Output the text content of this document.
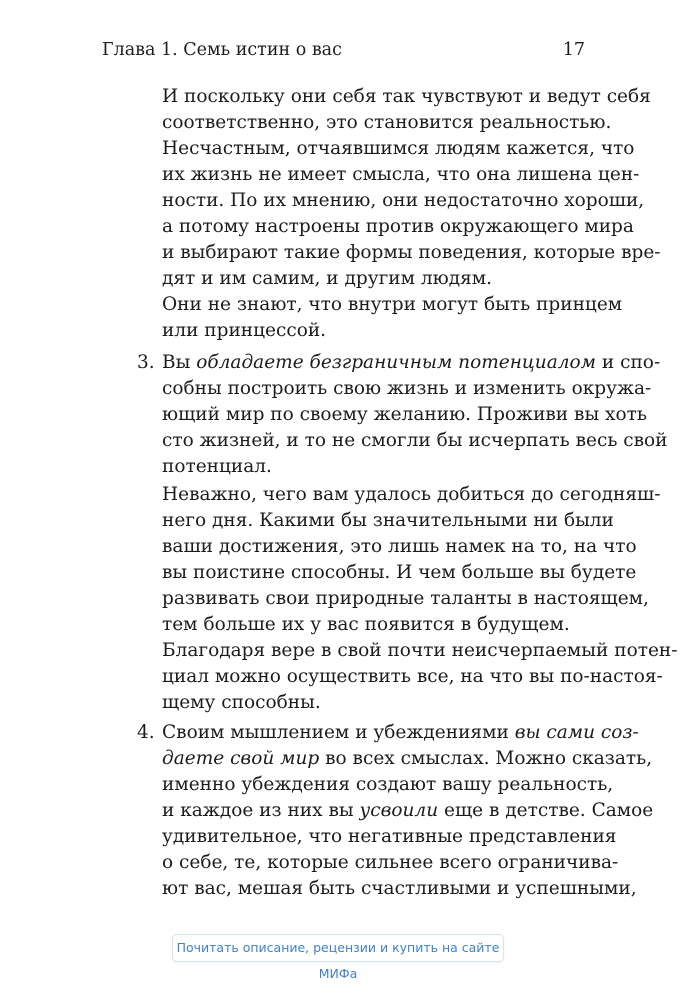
Глава 1. Семь истин о вас	17
И поскольку они себя так чувствуют и ведут себя
соответственно, это становится реальностью.
Несчастным, отчаявшимся людям кажется, что
их жизнь не имеет смысла, что она лишена цен-
ности. По их мнению, они недостаточно хороши,
а потому настроены против окружающего мира
и выбирают такие формы поведения, которые вре-
дят и им самим, и другим людям.
Они не знают, что внутри могут быть принцем
или принцессой.
3. Вы обладаете безграничным потенциалом и спо-
собны построить свою жизнь и изменить окружа-
ющий мир по своему желанию. Проживи вы хоть
сто жизней, и то не смогли бы исчерпать весь свой
потенциал.
Неважно, чего вам удалось добиться до сегодняш-
него дня. Какими бы значительными ни были
ваши достижения, это лишь намек на то, на что
вы поистине способны. И чем больше вы будете
развивать свои природные таланты в настоящем,
тем больше их у вас появится в будущем.
Благодаря вере в свой почти неисчерпаемый потен-
циал можно осуществить все, на что вы по-настоя-
щему способны.
4. Своим мышлением и убеждениями вы сами соз-
даете свой мир во всех смыслах. Можно сказать,
именно убеждения создают вашу реальность,
и каждое из них вы усвоили еще в детстве. Самое
удивительное, что негативные представления
о себе, те, которые сильнее всего ограничива-
ют вас, мешая быть счастливыми и успешными,
Почитать описание, рецензии и купить на сайте МИФа
